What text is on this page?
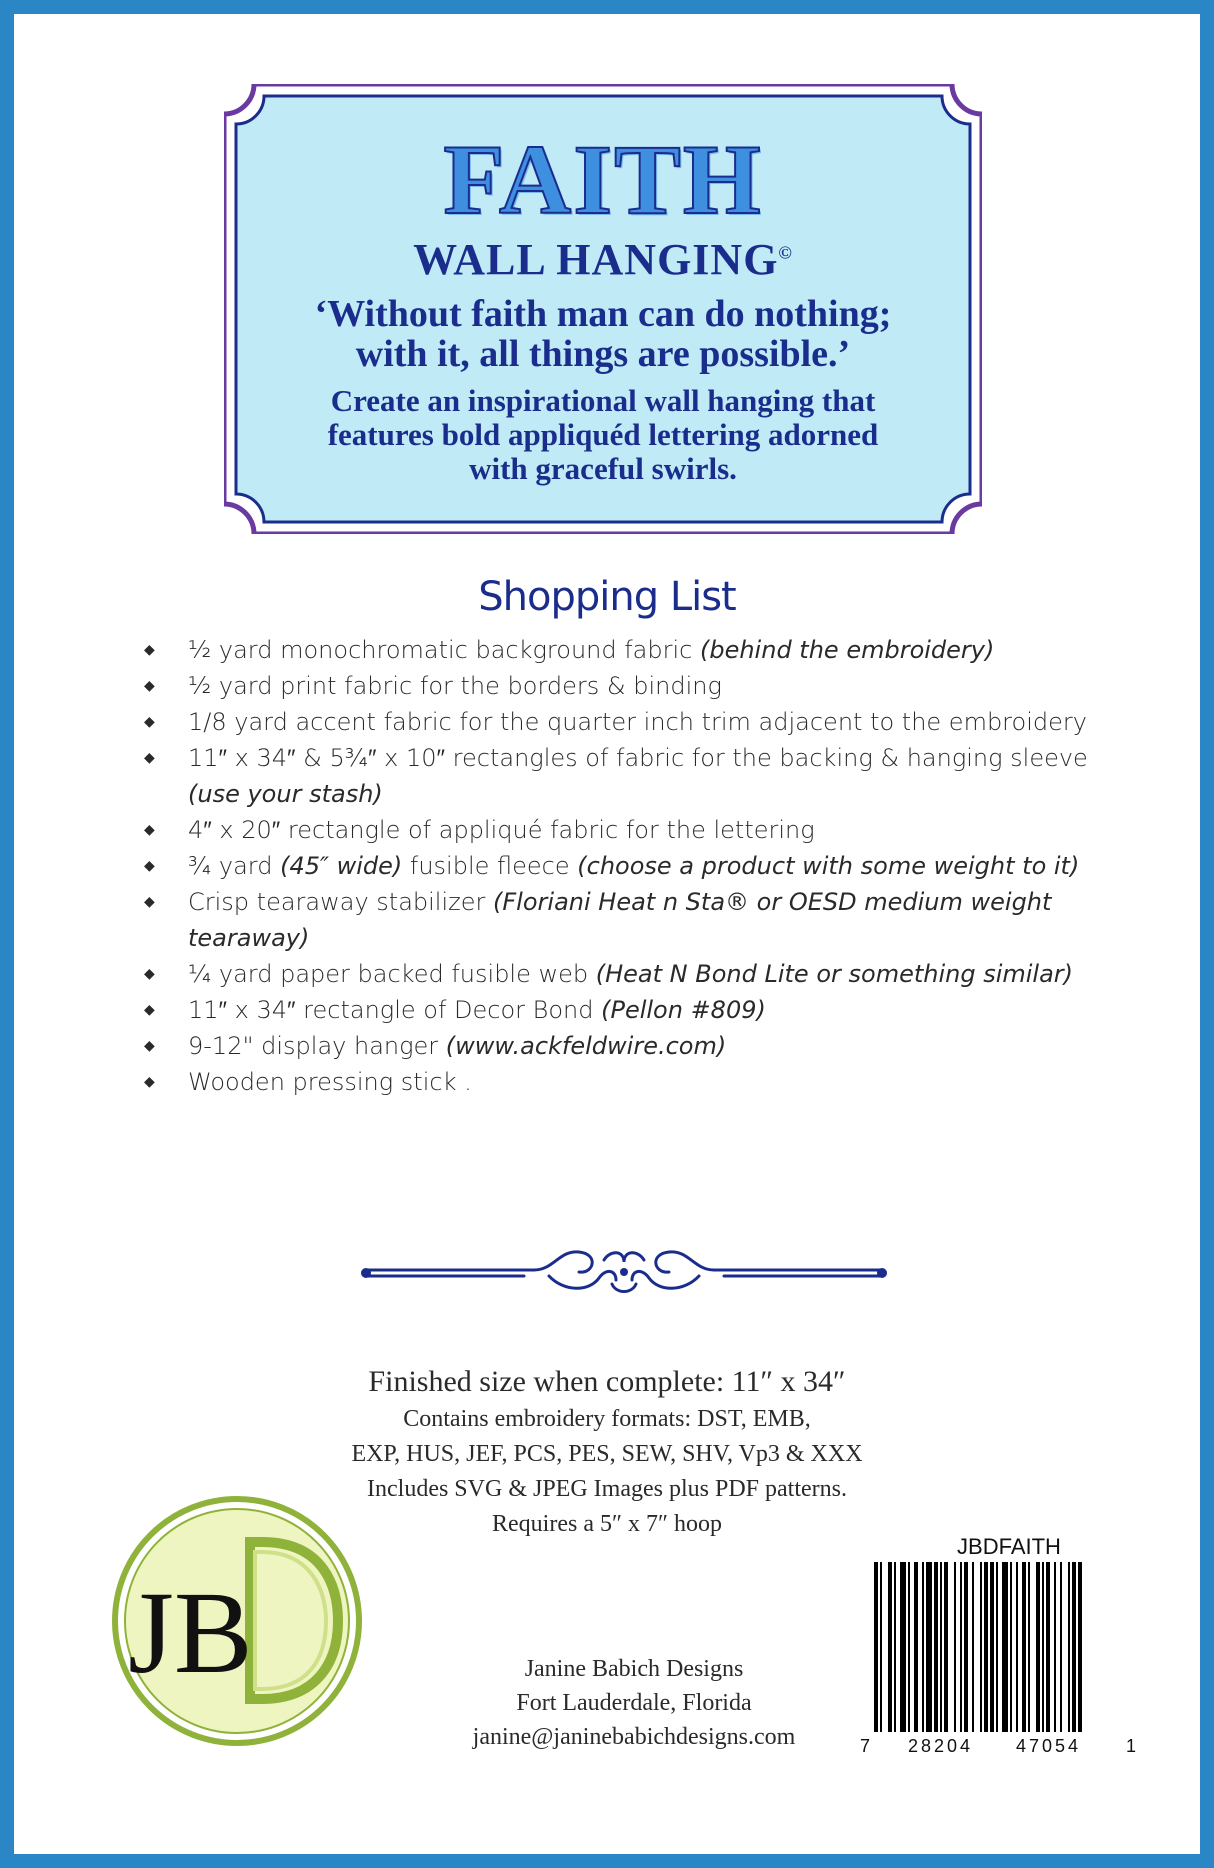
FAITH
WALL HANGING©
‘Without faith man can do nothing;
with it, all things are possible.’
Create an inspirational wall hanging that
features bold appliquéd lettering adorned
with graceful swirls.
Shopping List
◆ ½ yard monochromatic background fabric (behind the embroidery)
◆ ½ yard print fabric for the borders & binding
◆ 1/8 yard accent fabric for the quarter inch trim adjacent to the embroidery
◆ 11″ x 34″ & 5¾″ x 10″ rectangles of fabric for the backing & hanging sleeve (use your stash)
◆ 4″ x 20″ rectangle of appliqué fabric for the lettering
◆ ¾ yard (45″ wide) fusible fleece (choose a product with some weight to it)
◆ Crisp tearaway stabilizer (Floriani Heat n Sta® or OESD medium weight tearaway)
◆ ¼ yard paper backed fusible web (Heat N Bond Lite or something similar)
◆ 11″ x 34″ rectangle of Decor Bond (Pellon #809)
◆ 9-12" display hanger (www.ackfeldwire.com)
◆ Wooden pressing stick .
Finished size when complete: 11″ x 34″
Contains embroidery formats: DST, EMB,
EXP, HUS, JEF, PCS, PES, SEW, SHV, Vp3 & XXX
Includes SVG & JPEG Images plus PDF patterns.
Requires a 5″ x 7″ hoop
JB	Janine Babich Designs
Fort Lauderdale, Florida
janine@janinebabichdesigns.com
JBDFAITH
7 28204 47054 1
